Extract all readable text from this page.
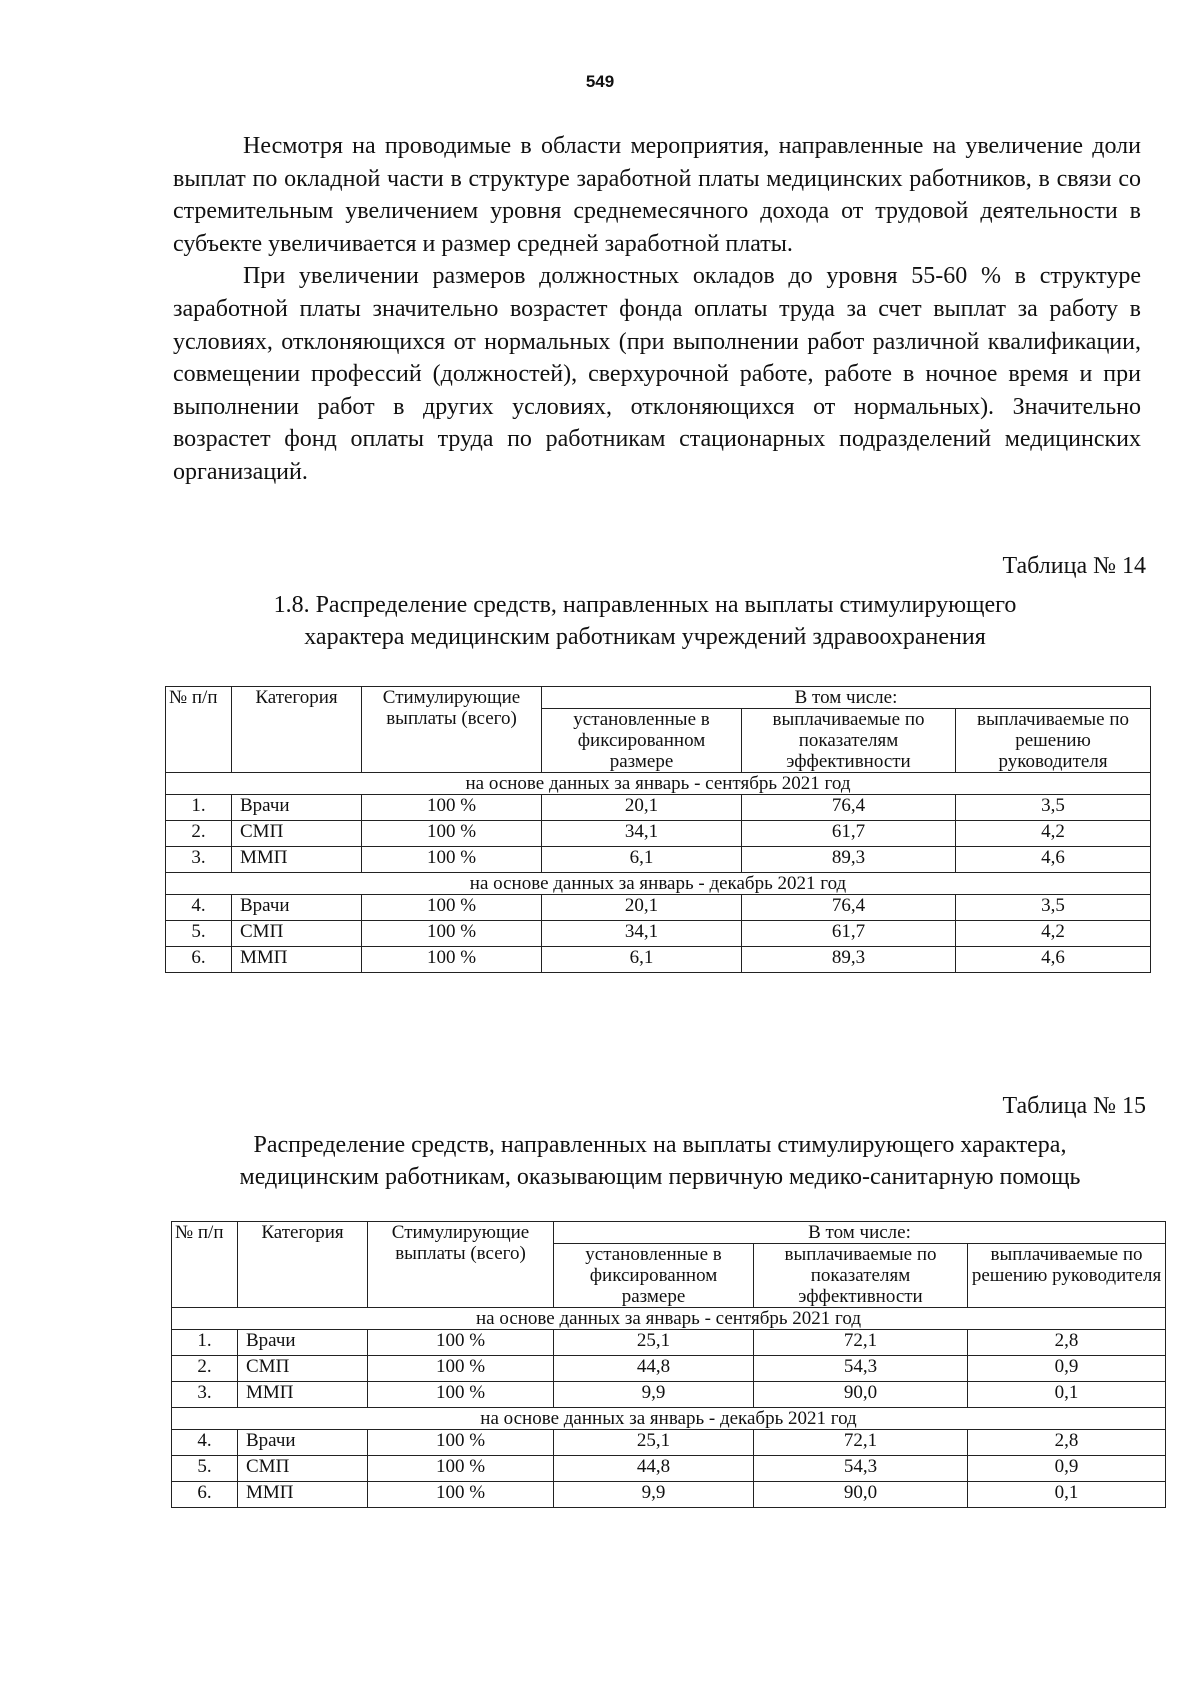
549

Несмотря на проводимые в области мероприятия, направленные на увеличение доли выплат по окладной части в структуре заработной платы медицинских работников, в связи со стремительным увеличением уровня среднемесячного дохода от трудовой деятельности в субъекте увеличивается и размер средней заработной платы.

При увеличении размеров должностных окладов до уровня 55-60 % в структуре заработной платы значительно возрастет фонда оплаты труда за счет выплат за работу в условиях, отклоняющихся от нормальных (при выполнении работ различной квалификации, совмещении профессий (должностей), сверхурочной работе, работе в ночное время и при выполнении работ в других условиях, отклоняющихся от нормальных). Значительно возрастет фонд оплаты труда по работникам стационарных подразделений медицинских организаций.

Таблица № 14

1.8. Распределение средств, направленных на выплаты стимулирующего
характера медицинским работникам учреждений здравоохранения

№ п/п	Категория	Стимулирующие выплаты (всего)	В том числе:		
			установленные в фиксированном размере	выплачиваемые по показателям эффективности	выплачиваемые по решению руководителя
на основе данных за январь - сентябрь 2021 год					
1.	Врачи	100 %	20,1	76,4	3,5
2.	СМП	100 %	34,1	61,7	4,2
3.	ММП	100 %	6,1	89,3	4,6
на основе данных за январь - декабрь 2021 год					
4.	Врачи	100 %	20,1	76,4	3,5
5.	СМП	100 %	34,1	61,7	4,2
6.	ММП	100 %	6,1	89,3	4,6
Таблица № 15

Распределение средств, направленных на выплаты стимулирующего характера,
медицинским работникам, оказывающим первичную медико-санитарную помощь

№ п/п	Категория	Стимулирующие выплаты (всего)	В том числе:		
			установленные в фиксированном размере	выплачиваемые по показателям эффективности	выплачиваемые по решению руководителя
на основе данных за январь - сентябрь 2021 год					
1.	Врачи	100 %	25,1	72,1	2,8
2.	СМП	100 %	44,8	54,3	0,9
3.	ММП	100 %	9,9	90,0	0,1
на основе данных за январь - декабрь 2021 год					
4.	Врачи	100 %	25,1	72,1	2,8
5.	СМП	100 %	44,8	54,3	0,9
6.	ММП	100 %	9,9	90,0	0,1
